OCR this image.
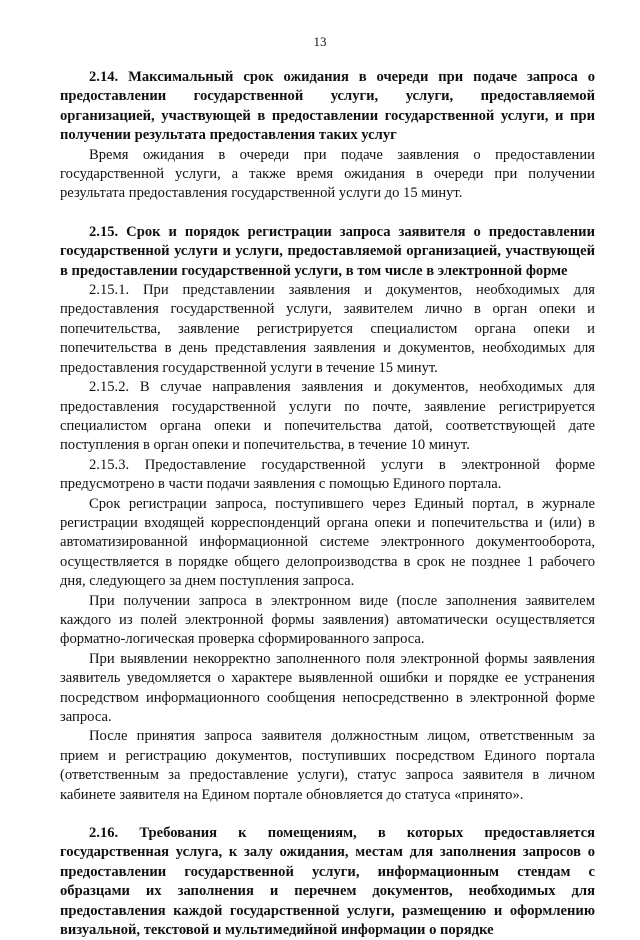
13

2.14. Максимальный срок ожидания в очереди при подаче запроса о предоставлении государственной услуги, услуги, предоставляемой организацией, участвующей в предоставлении государственной услуги, и при получении результата предоставления таких услуг

Время ожидания в очереди при подаче заявления о предоставлении государственной услуги, а также время ожидания в очереди при получении результата предоставления государственной услуги до 15 минут.

2.15. Срок и порядок регистрации запроса заявителя о предоставлении государственной услуги и услуги, предоставляемой организацией, участвующей в предоставлении государственной услуги, в том числе в электронной форме

2.15.1. При представлении заявления и документов, необходимых для предоставления государственной услуги, заявителем лично в орган опеки и попечительства, заявление регистрируется специалистом органа опеки и попечительства в день представления заявления и документов, необходимых для предоставления государственной услуги в течение 15 минут.

2.15.2. В случае направления заявления и документов, необходимых для предоставления государственной услуги по почте, заявление регистрируется специалистом органа опеки и попечительства датой, соответствующей дате поступления в орган опеки и попечительства, в течение 10 минут.

2.15.3. Предоставление государственной услуги в электронной форме предусмотрено в части подачи заявления с помощью Единого портала.

Срок регистрации запроса, поступившего через Единый портал, в журнале регистрации входящей корреспонденций органа опеки и попечительства и (или) в автоматизированной информационной системе электронного документооборота, осуществляется в порядке общего делопроизводства в срок не позднее 1 рабочего дня, следующего за днем поступления запроса.

При получении запроса в электронном виде (после заполнения заявителем каждого из полей электронной формы заявления) автоматически осуществляется форматно-логическая проверка сформированного запроса.

При выявлении некорректно заполненного поля электронной формы заявления заявитель уведомляется о характере выявленной ошибки и порядке ее устранения посредством информационного сообщения непосредственно в электронной форме запроса.

После принятия запроса заявителя должностным лицом, ответственным за прием и регистрацию документов, поступивших посредством Единого портала (ответственным за предоставление услуги), статус запроса заявителя в личном кабинете заявителя на Едином портале обновляется до статуса «принято».

2.16. Требования к помещениям, в которых предоставляется государственная услуга, к залу ожидания, местам для заполнения запросов о предоставлении государственной услуги, информационным стендам с образцами их заполнения и перечнем документов, необходимых для предоставления каждой государственной услуги, размещению и оформлению визуальной, текстовой и мультимедийной информации о порядке
